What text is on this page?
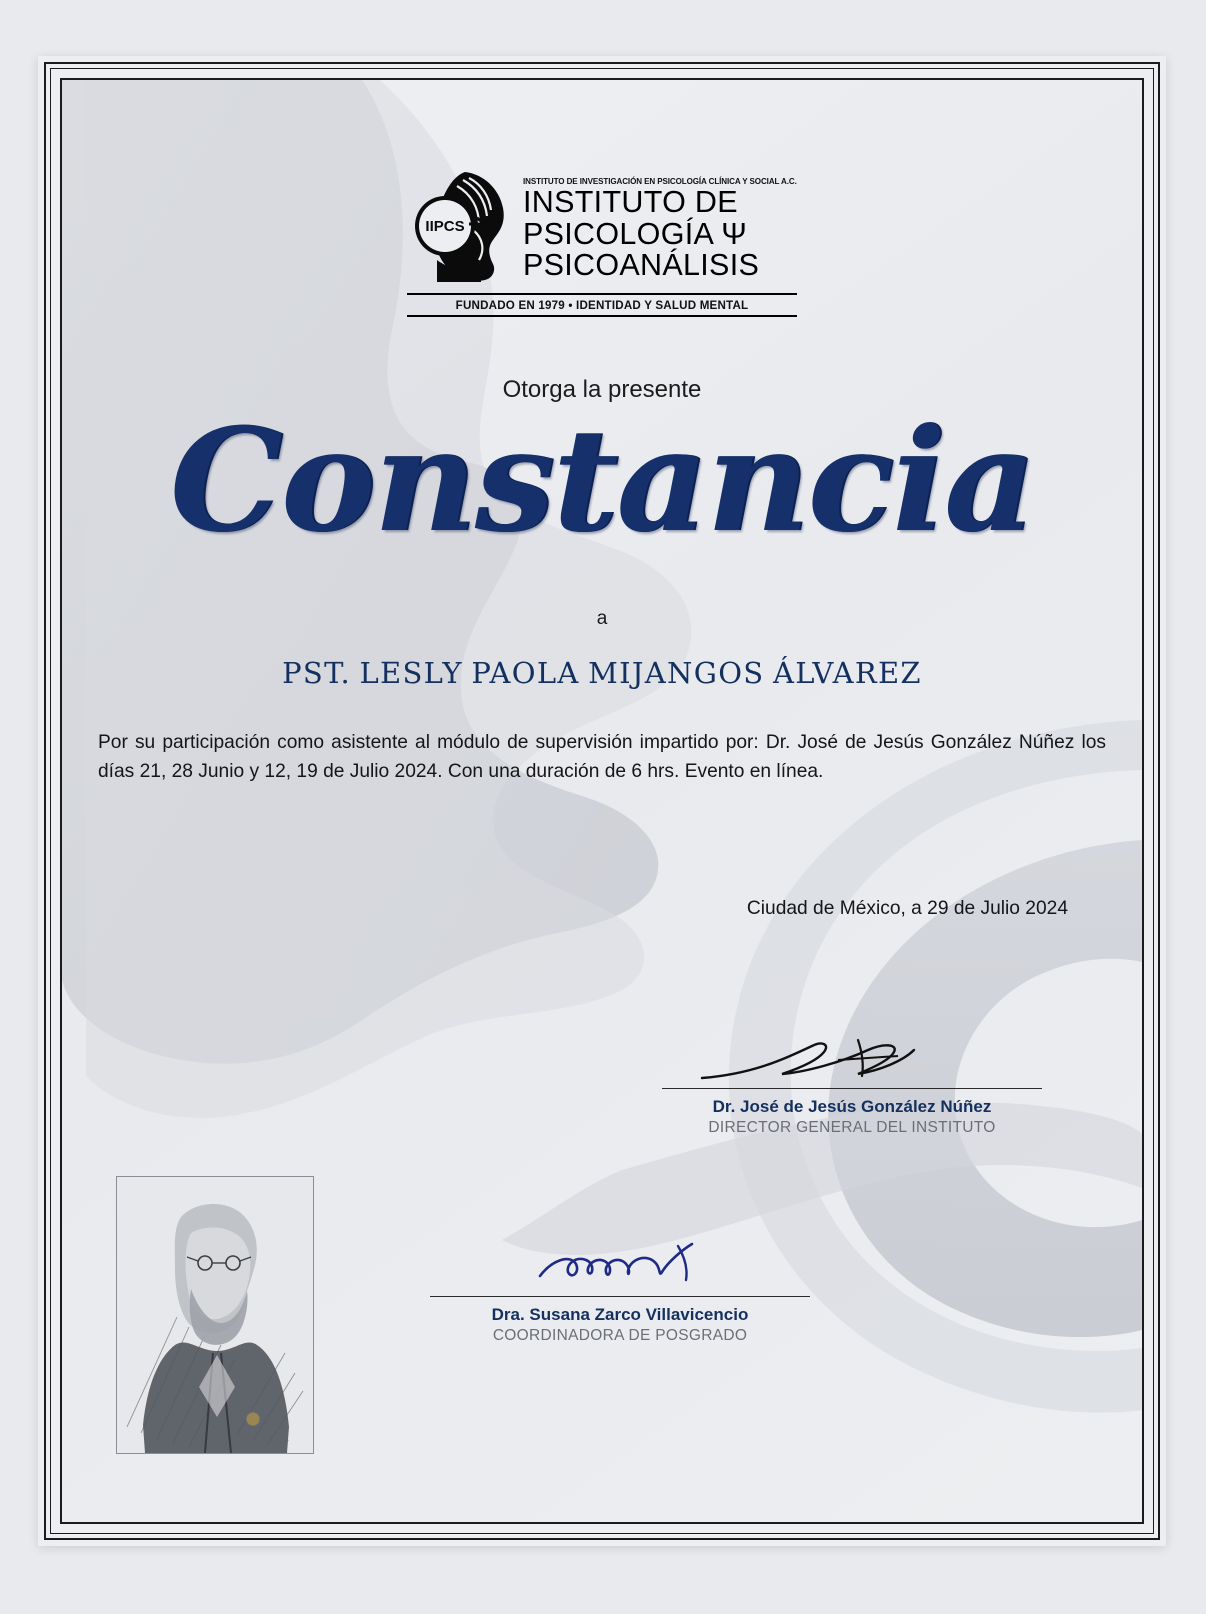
IIPCS
INSTITUTO DE INVESTIGACIÓN EN PSICOLOGÍA CLÍNICA Y SOCIAL A.C.
INSTITUTO DE
PSICOLOGÍA Ψ
PSICOANÁLISIS
FUNDADO EN 1979 • IDENTIDAD Y SALUD MENTAL
Otorga la presente
Constancia
a
PST. LESLY PAOLA MIJANGOS ÁLVAREZ
Por su participación como asistente al módulo de supervisión impartido por: Dr. José de Jesús González Núñez los días 21, 28 Junio y 12, 19 de Julio 2024. Con una duración de 6 hrs. Evento en línea.
Ciudad de México, a 29 de Julio 2024
Dr. José de Jesús González Núñez
DIRECTOR GENERAL DEL INSTITUTO
Dra. Susana Zarco Villavicencio
COORDINADORA DE POSGRADO
.
